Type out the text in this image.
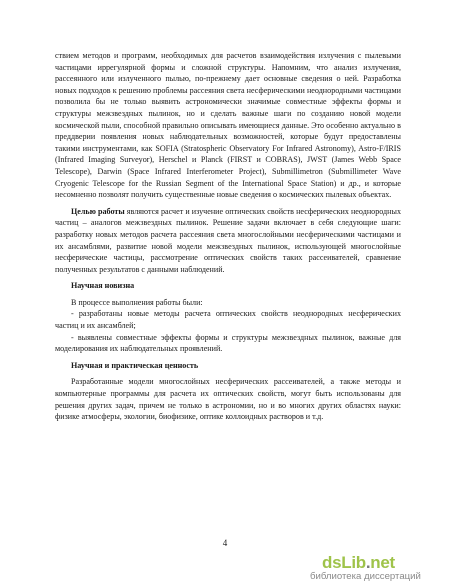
ствием методов и программ, необходимых для расчетов взаимодействия излучения с пылевыми частицами иррегулярной формы и сложной структуры. Напомним, что анализ излучения, рассеянного или излученного пылью, по-прежнему дает основные сведения о ней. Разработка новых подходов к решению проблемы рассеяния света несферическими неоднородными частицами позволила бы не только выявить астрономически значимые совместные эффекты формы и структуры межзвездных пылинок, но и сделать важные шаги по созданию новой модели космической пыли, способной правильно описывать имеющиеся данные. Это особенно актуально в преддверии появления новых наблюдательных возможностей, которые будут предоставлены такими инструментами, как SOFIA (Stratospheric Observatory For Infrared Astronomy), Astro-F/IRIS (Infrared Imaging Surveyor), Herschel и Planck (FIRST и COBRAS), JWST (James Webb Space Telescope), Darwin (Space Infrared Interferometer Project), Submillimetron (Submillimeter Wave Cryogenic Telescope for the Russian Segment of the International Space Station) и др., и которые несомненно позволят получить существенные новые сведения о космических пылевых объектах.

Целью работы являются расчет и изучение оптических свойств несферических неоднородных частиц – аналогов межзвездных пылинок. Решение задачи включает в себя следующие шаги: разработку новых методов расчета рассеяния света многослойными несферическими частицами и их ансамблями, развитие новой модели межзвездных пылинок, использующей многослойные несферические частицы, рассмотрение оптических свойств таких рассеивателей, сравнение полученных результатов с данными наблюдений.

Научная новизна

В процессе выполнения работы были:

- разработаны новые методы расчета оптических свойств неоднородных несферических частиц и их ансамблей;

- выявлены совместные эффекты формы и структуры межзвездных пылинок, важные для моделирования их наблюдательных проявлений.

Научная и практическая ценность

Разработанные модели многослойных несферических рассеивателей, а также методы и компьютерные программы для расчета их оптических свойств, могут быть использованы для решения других задач, причем не только в астрономии, но и во многих других областях науки: физике атмосферы, экологии, биофизике, оптике коллоидных растворов и т.д.

4
dsLib.net
библиотека диссертаций
